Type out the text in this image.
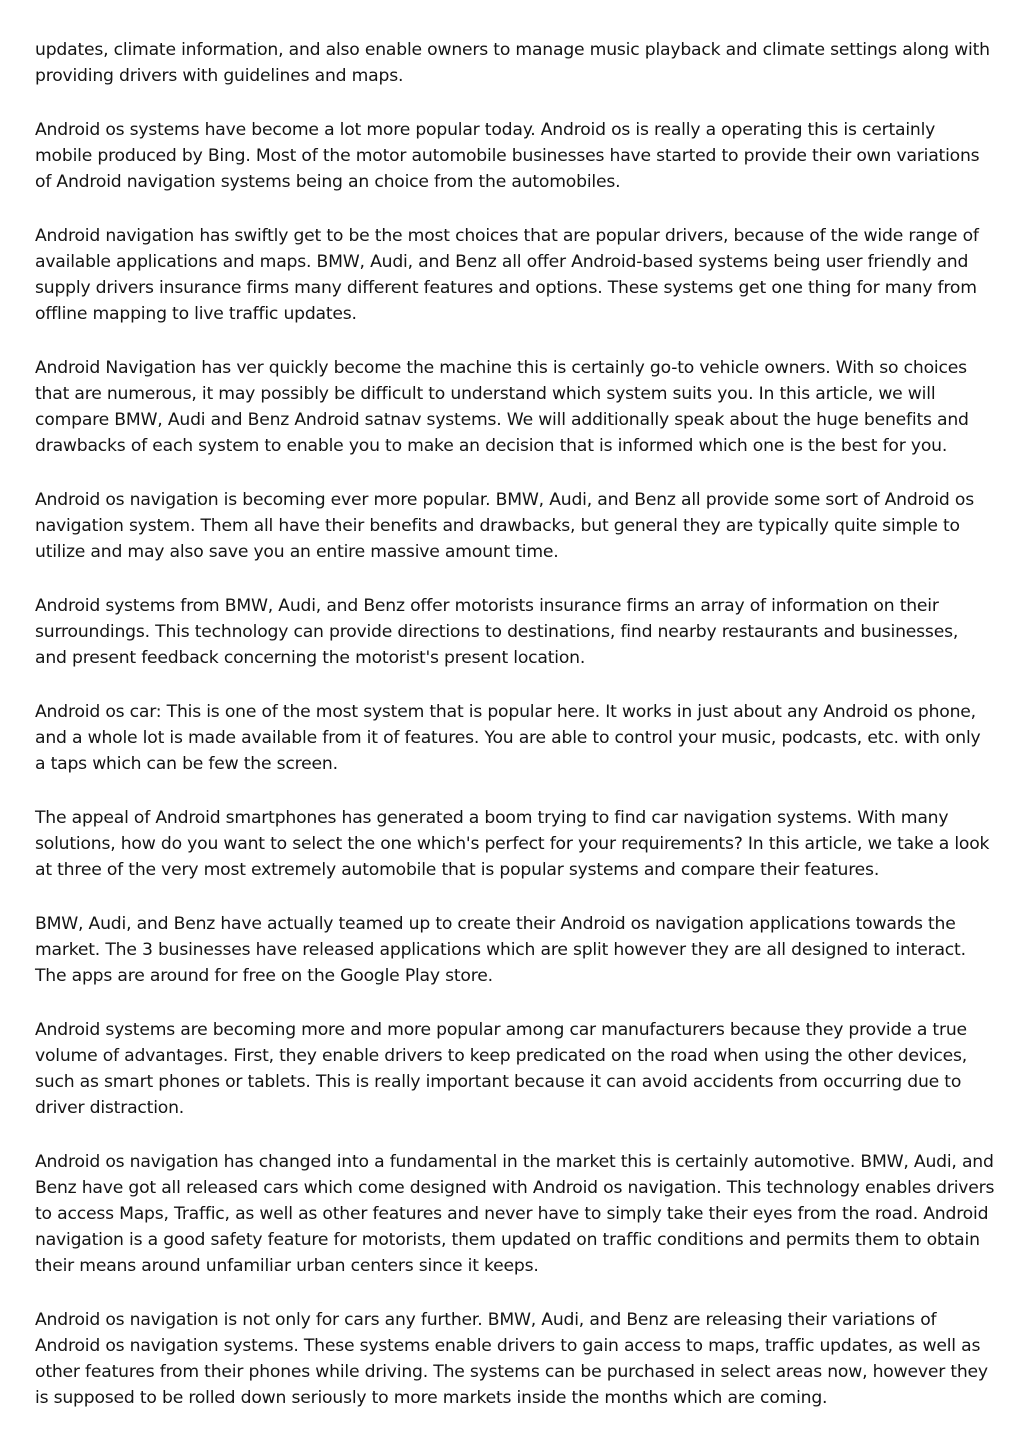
updates, climate information, and also enable owners to manage music playback and climate settings along with providing drivers with guidelines and maps.

Android os systems have become a lot more popular today. Android os is really a operating this is certainly mobile produced by Bing. Most of the motor automobile businesses have started to provide their own variations of Android navigation systems being an choice from the automobiles.

Android navigation has swiftly get to be the most choices that are popular drivers, because of the wide range of available applications and maps. BMW, Audi, and Benz all offer Android-based systems being user friendly and supply drivers insurance firms many different features and options. These systems get one thing for many from offline mapping to live traffic updates.

Android Navigation has ver quickly become the machine this is certainly go-to vehicle owners. With so choices that are numerous, it may possibly be difficult to understand which system suits you. In this article, we will compare BMW, Audi and Benz Android satnav systems. We will additionally speak about the huge benefits and drawbacks of each system to enable you to make an decision that is informed which one is the best for you.

Android os navigation is becoming ever more popular. BMW, Audi, and Benz all provide some sort of Android os navigation system. Them all have their benefits and drawbacks, but general they are typically quite simple to utilize and may also save you an entire massive amount time.

Android systems from BMW, Audi, and Benz offer motorists insurance firms an array of information on their surroundings. This technology can provide directions to destinations, find nearby restaurants and businesses, and present feedback concerning the motorist's present location.

Android os car: This is one of the most system that is popular here. It works in just about any Android os phone, and a whole lot is made available from it of features. You are able to control your music, podcasts, etc. with only a taps which can be few the screen.

The appeal of Android smartphones has generated a boom trying to find car navigation systems. With many solutions, how do you want to select the one which's perfect for your requirements? In this article, we take a look at three of the very most extremely automobile that is popular systems and compare their features.

BMW, Audi, and Benz have actually teamed up to create their Android os navigation applications towards the market. The 3 businesses have released applications which are split however they are all designed to interact. The apps are around for free on the Google Play store.

Android systems are becoming more and more popular among car manufacturers because they provide a true volume of advantages. First, they enable drivers to keep predicated on the road when using the other devices, such as smart phones or tablets. This is really important because it can avoid accidents from occurring due to driver distraction.

Android os navigation has changed into a fundamental in the market this is certainly automotive. BMW, Audi, and Benz have got all released cars which come designed with Android os navigation. This technology enables drivers to access Maps, Traffic, as well as other features and never have to simply take their eyes from the road. Android navigation is a good safety feature for motorists, them updated on traffic conditions and permits them to obtain their means around unfamiliar urban centers since it keeps.

Android os navigation is not only for cars any further. BMW, Audi, and Benz are releasing their variations of Android os navigation systems. These systems enable drivers to gain access to maps, traffic updates, as well as other features from their phones while driving. The systems can be purchased in select areas now, however they is supposed to be rolled down seriously to more markets inside the months which are coming.
